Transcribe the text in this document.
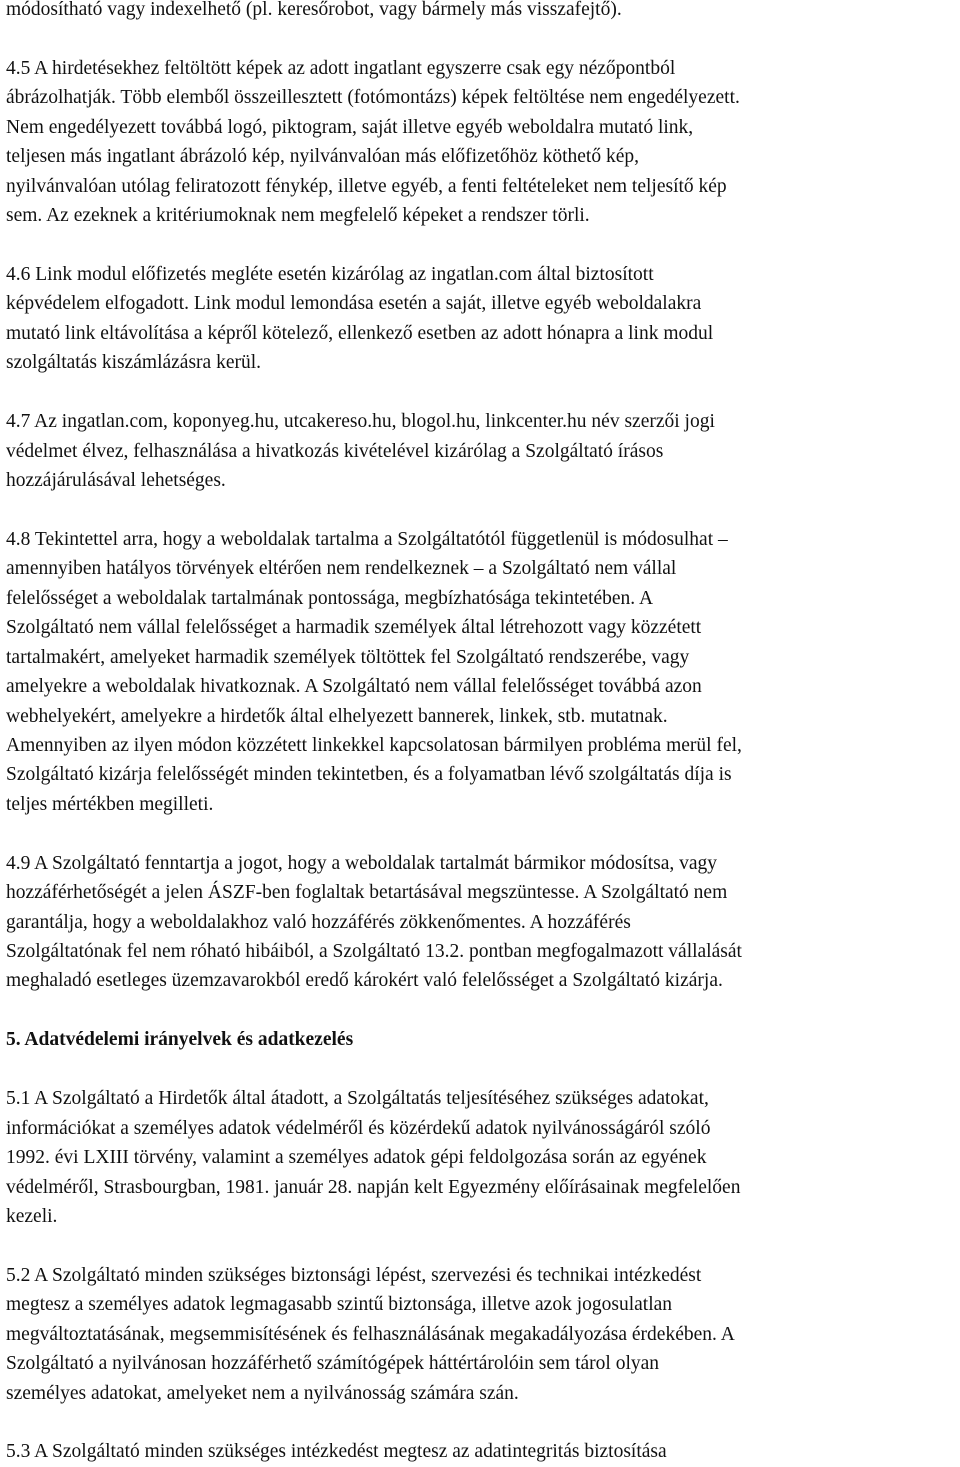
módosítható vagy indexelhető (pl. keresőrobot, vagy bármely más visszafejtő).
4.5 A hirdetésekhez feltöltött képek az adott ingatlant egyszerre csak egy nézőpontból
ábrázolhatják. Több elemből összeillesztett (fotómontázs) képek feltöltése nem engedélyezett.
Nem engedélyezett továbbá logó, piktogram, saját illetve egyéb weboldalra mutató link,
teljesen más ingatlant ábrázoló kép, nyilvánvalóan más előfizetőhöz köthető kép,
nyilvánvalóan utólag feliratozott fénykép, illetve egyéb, a fenti feltételeket nem teljesítő kép
sem. Az ezeknek a kritériumoknak nem megfelelő képeket a rendszer törli.
4.6 Link modul előfizetés megléte esetén kizárólag az ingatlan.com által biztosított
képvédelem elfogadott. Link modul lemondása esetén a saját, illetve egyéb weboldalakra
mutató link eltávolítása a képről kötelező, ellenkező esetben az adott hónapra a link modul
szolgáltatás kiszámlázásra kerül.
4.7 Az ingatlan.com, koponyeg.hu, utcakereso.hu, blogol.hu, linkcenter.hu név szerzői jogi
védelmet élvez, felhasználása a hivatkozás kivételével kizárólag a Szolgáltató írásos
hozzájárulásával lehetséges.
4.8 Tekintettel arra, hogy a weboldalak tartalma a Szolgáltatótól függetlenül is módosulhat –
amennyiben hatályos törvények eltérően nem rendelkeznek – a Szolgáltató nem vállal
felelősséget a weboldalak tartalmának pontossága, megbízhatósága tekintetében. A
Szolgáltató nem vállal felelősséget a harmadik személyek által létrehozott vagy közzétett
tartalmakért, amelyeket harmadik személyek töltöttek fel Szolgáltató rendszerébe, vagy
amelyekre a weboldalak hivatkoznak. A Szolgáltató nem vállal felelősséget továbbá azon
webhelyekért, amelyekre a hirdetők által elhelyezett bannerek, linkek, stb. mutatnak.
Amennyiben az ilyen módon közzétett linkekkel kapcsolatosan bármilyen probléma merül fel,
Szolgáltató kizárja felelősségét minden tekintetben, és a folyamatban lévő szolgáltatás díja is
teljes mértékben megilleti.
4.9 A Szolgáltató fenntartja a jogot, hogy a weboldalak tartalmát bármikor módosítsa, vagy
hozzáférhetőségét a jelen ÁSZF-ben foglaltak betartásával megszüntesse. A Szolgáltató nem
garantálja, hogy a weboldalakhoz való hozzáférés zökkenőmentes. A hozzáférés
Szolgáltatónak fel nem róható hibáiból, a Szolgáltató 13.2. pontban megfogalmazott vállalását
meghaladó esetleges üzemzavarokból eredő károkért való felelősséget a Szolgáltató kizárja.
5. Adatvédelemi irányelvek és adatkezelés
5.1 A Szolgáltató a Hirdetők által átadott, a Szolgáltatás teljesítéséhez szükséges adatokat,
információkat a személyes adatok védelméről és közérdekű adatok nyilvánosságáról szóló
1992. évi LXIII törvény, valamint a személyes adatok gépi feldolgozása során az egyének
védelméről, Strasbourgban, 1981. január 28. napján kelt Egyezmény előírásainak megfelelően
kezeli.
5.2 A Szolgáltató minden szükséges biztonsági lépést, szervezési és technikai intézkedést
megtesz a személyes adatok legmagasabb szintű biztonsága, illetve azok jogosulatlan
megváltoztatásának, megsemmisítésének és felhasználásának megakadályozása érdekében. A
Szolgáltató a nyilvánosan hozzáférhető számítógépek háttértárolóin sem tárol olyan
személyes adatokat, amelyeket nem a nyilvánosság számára szán.
5.3 A Szolgáltató minden szükséges intézkedést megtesz az adatintegritás biztosítása
